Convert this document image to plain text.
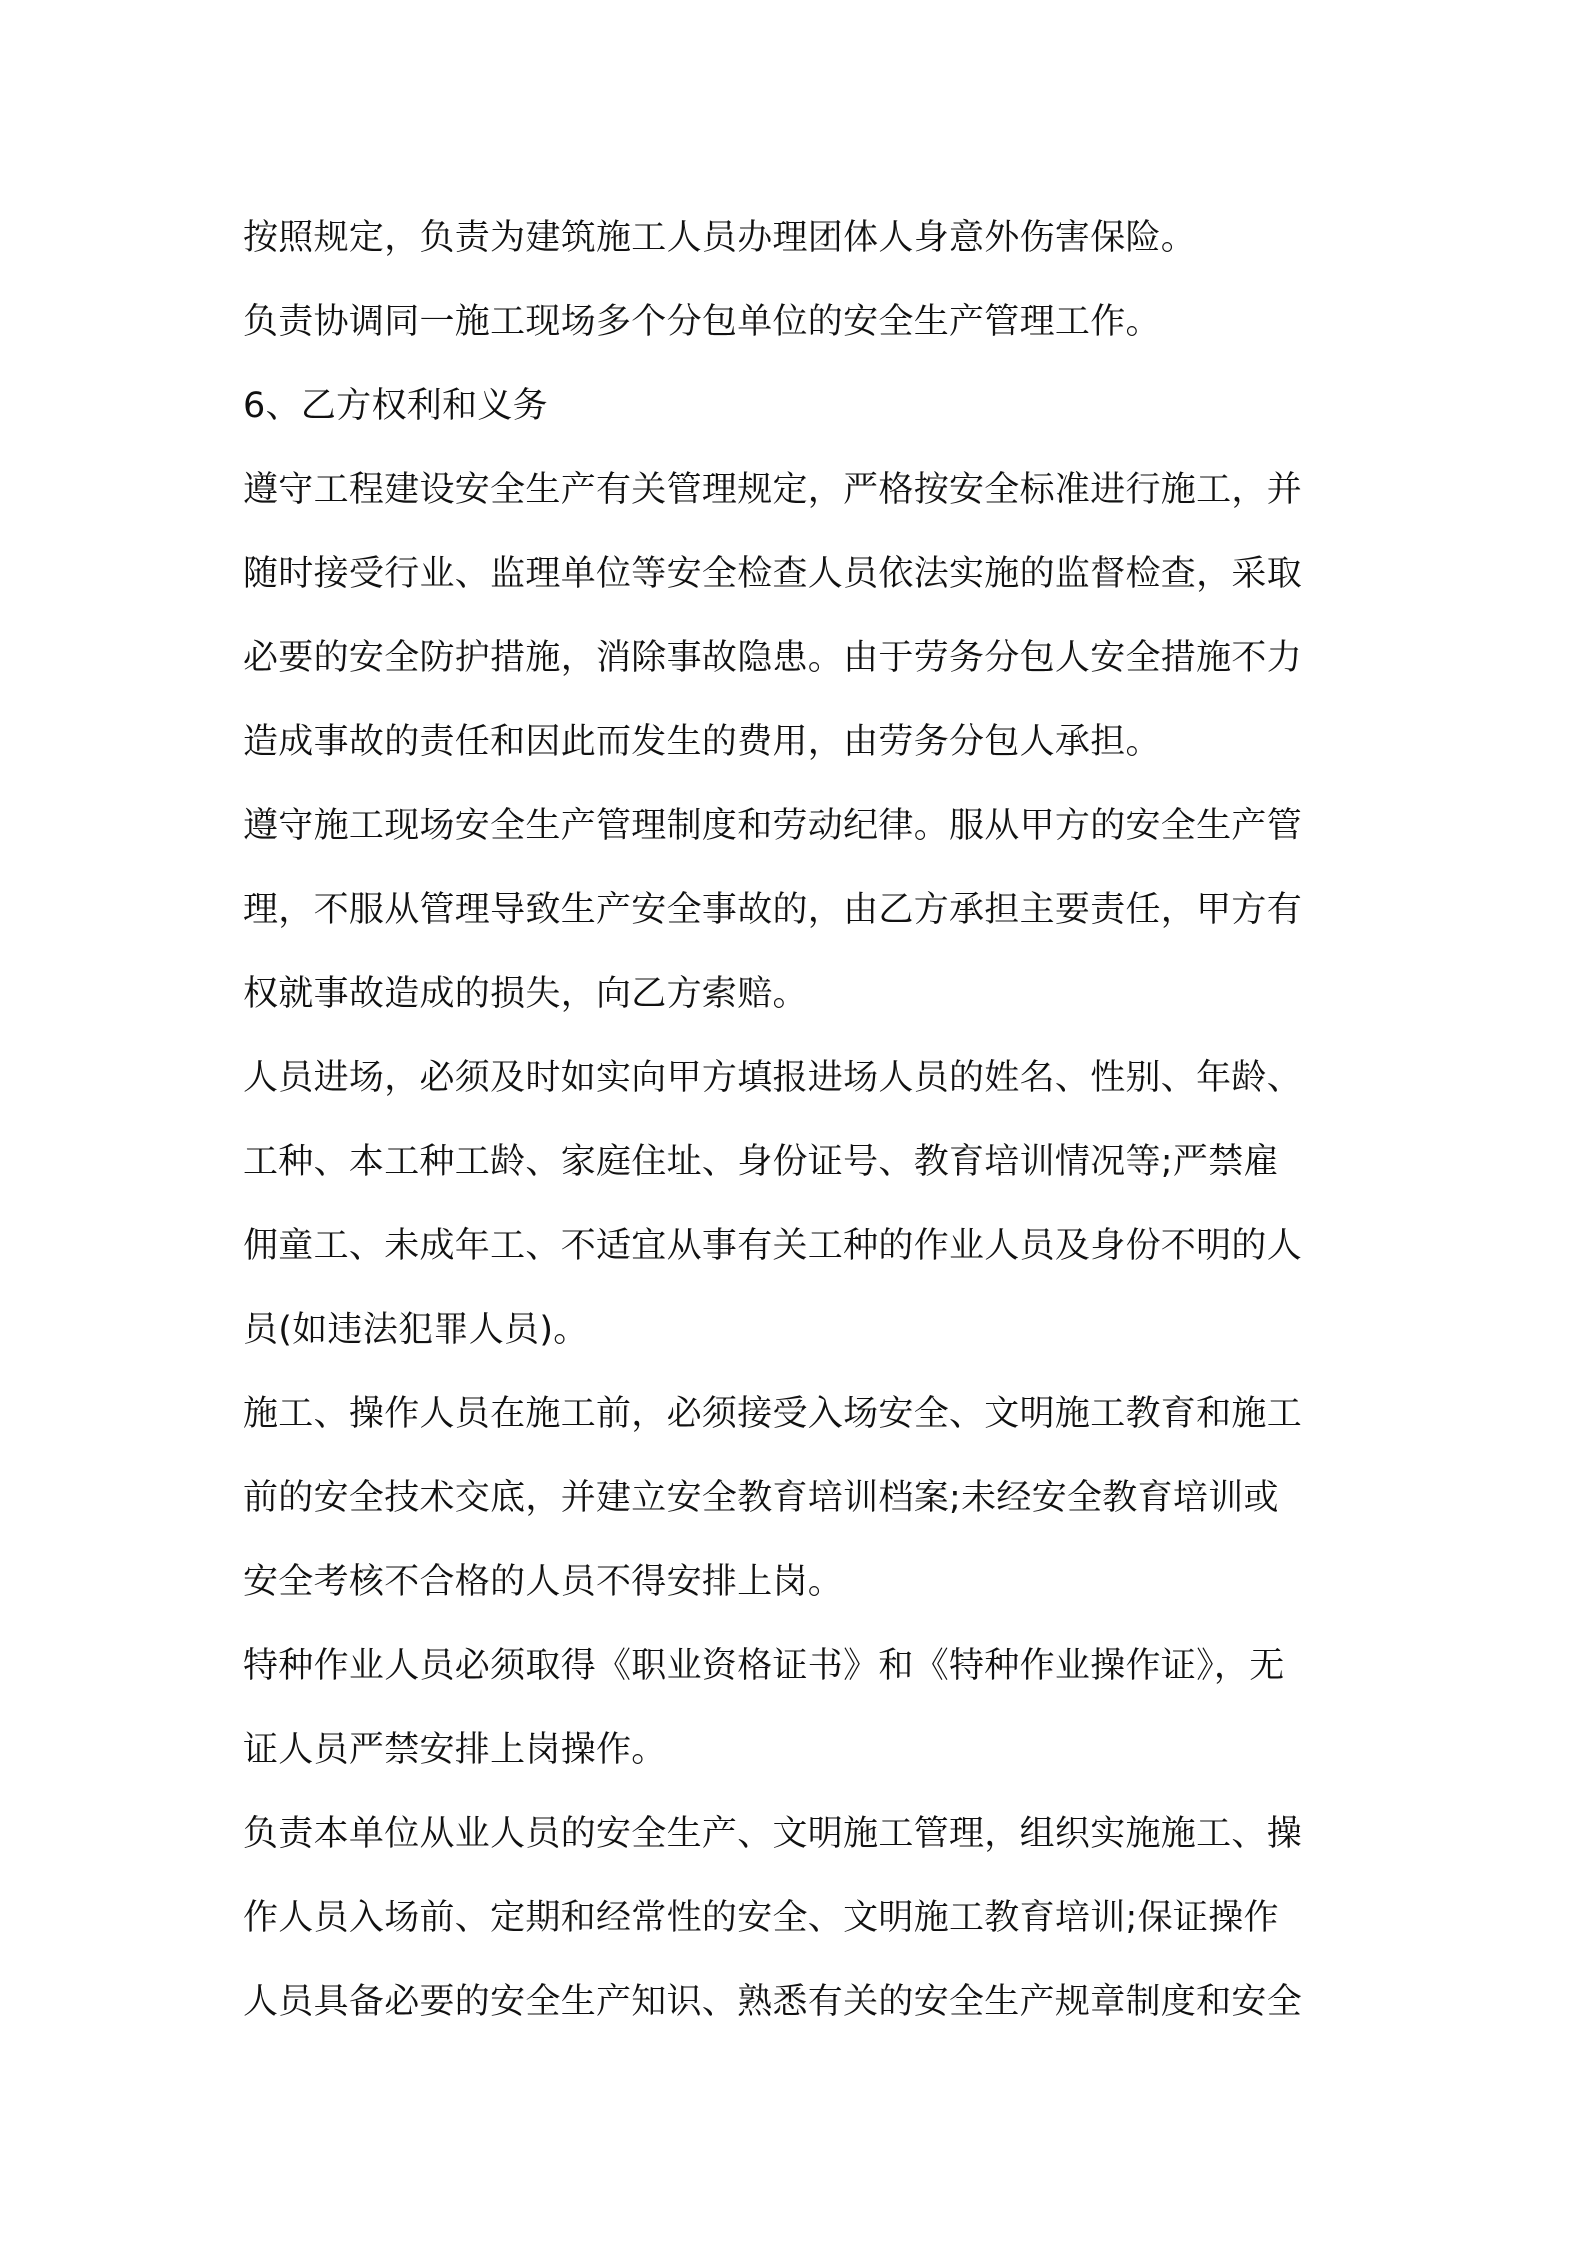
按照规定，负责为建筑施工人员办理团体人身意外伤害保险。
负责协调同一施工现场多个分包单位的安全生产管理工作。
6、乙方权利和义务
遵守工程建设安全生产有关管理规定，严格按安全标准进行施工，并
随时接受行业、监理单位等安全检查人员依法实施的监督检查，采取
必要的安全防护措施，消除事故隐患。由于劳务分包人安全措施不力
造成事故的责任和因此而发生的费用，由劳务分包人承担。
遵守施工现场安全生产管理制度和劳动纪律。服从甲方的安全生产管
理，不服从管理导致生产安全事故的，由乙方承担主要责任，甲方有
权就事故造成的损失，向乙方索赔。
人员进场，必须及时如实向甲方填报进场人员的姓名、性别、年龄、
工种、本工种工龄、家庭住址、身份证号、教育培训情况等;严禁雇
佣童工、未成年工、不适宜从事有关工种的作业人员及身份不明的人
员(如违法犯罪人员)。
施工、操作人员在施工前，必须接受入场安全、文明施工教育和施工
前的安全技术交底，并建立安全教育培训档案;未经安全教育培训或
安全考核不合格的人员不得安排上岗。
特种作业人员必须取得《职业资格证书》和《特种作业操作证》，无
证人员严禁安排上岗操作。
负责本单位从业人员的安全生产、文明施工管理，组织实施施工、操
作人员入场前、定期和经常性的安全、文明施工教育培训;保证操作
人员具备必要的安全生产知识、熟悉有关的安全生产规章制度和安全
